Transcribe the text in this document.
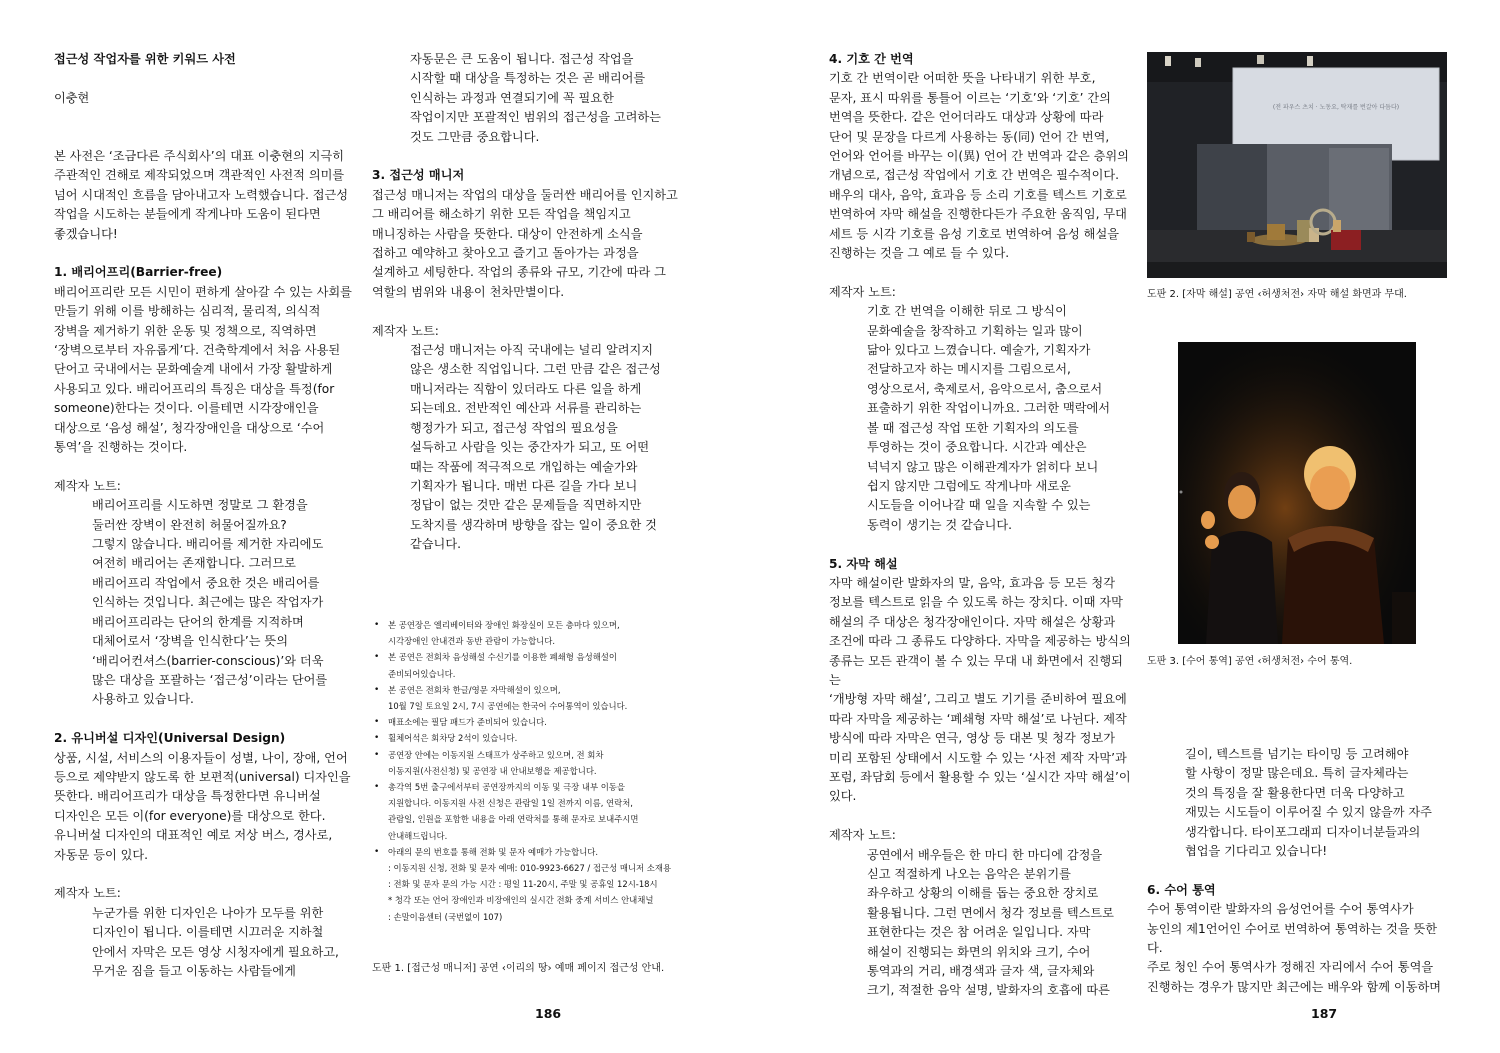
접근성 작업자를 위한 키워드 사전
이충현
본 사전은 ‘조금다른 주식회사’의 대표 이충현의 지극히
주관적인 견해로 제작되었으며 객관적인 사전적 의미를
넘어 시대적인 흐름을 담아내고자 노력했습니다. 접근성
작업을 시도하는 분들에게 작게나마 도움이 된다면
좋겠습니다!
1. 배리어프리(Barrier-free)
배리어프리란 모든 시민이 편하게 살아갈 수 있는 사회를
만들기 위해 이를 방해하는 심리적, 물리적, 의식적
장벽을 제거하기 위한 운동 및 정책으로, 직역하면
‘장벽으로부터 자유롭게’다. 건축학계에서 처음 사용된
단어고 국내에서는 문화예술계 내에서 가장 활발하게
사용되고 있다. 배리어프리의 특징은 대상을 특정(for
someone)한다는 것이다. 이를테면 시각장애인을
대상으로 ‘음성 해설’, 청각장애인을 대상으로 ‘수어
통역’을 진행하는 것이다.
제작자 노트:
배리어프리를 시도하면 정말로 그 환경을
둘러싼 장벽이 완전히 허물어질까요?
그렇지 않습니다. 배리어를 제거한 자리에도
여전히 배리어는 존재합니다. 그러므로
배리어프리 작업에서 중요한 것은 배리어를
인식하는 것입니다. 최근에는 많은 작업자가
배리어프리라는 단어의 한계를 지적하며
대체어로서 ‘장벽을 인식한다’는 뜻의
‘배리어컨셔스(barrier-conscious)’와 더욱
많은 대상을 포괄하는 ‘접근성’이라는 단어를
사용하고 있습니다.
2. 유니버설 디자인(Universal Design)
상품, 시설, 서비스의 이용자들이 성별, 나이, 장애, 언어
등으로 제약받지 않도록 한 보편적(universal) 디자인을
뜻한다. 배리어프리가 대상을 특정한다면 유니버설
디자인은 모든 이(for everyone)를 대상으로 한다.
유니버설 디자인의 대표적인 예로 저상 버스, 경사로,
자동문 등이 있다.
제작자 노트:
누군가를 위한 디자인은 나아가 모두를 위한
디자인이 됩니다. 이를테면 시끄러운 지하철
안에서 자막은 모든 영상 시청자에게 필요하고,
무거운 짐을 들고 이동하는 사람들에게
자동문은 큰 도움이 됩니다. 접근성 작업을
시작할 때 대상을 특정하는 것은 곧 배리어를
인식하는 과정과 연결되기에 꼭 필요한
작업이지만 포괄적인 범위의 접근성을 고려하는
것도 그만큼 중요합니다.
3. 접근성 매니저
접근성 매니저는 작업의 대상을 둘러싼 배리어를 인지하고
그 배리어를 해소하기 위한 모든 작업을 책임지고
매니징하는 사람을 뜻한다. 대상이 안전하게 소식을
접하고 예약하고 찾아오고 즐기고 돌아가는 과정을
설계하고 세팅한다. 작업의 종류와 규모, 기간에 따라 그
역할의 범위와 내용이 천차만별이다.
제작자 노트:
접근성 매니저는 아직 국내에는 널리 알려지지
않은 생소한 직업입니다. 그런 만큼 같은 접근성
매니저라는 직함이 있더라도 다른 일을 하게
되는데요. 전반적인 예산과 서류를 관리하는
행정가가 되고, 접근성 작업의 필요성을
설득하고 사람을 잇는 중간자가 되고, 또 어떤
때는 작품에 적극적으로 개입하는 예술가와
기획자가 됩니다. 매번 다른 길을 가다 보니
정답이 없는 것만 같은 문제들을 직면하지만
도착지를 생각하며 방향을 잡는 일이 중요한 것
같습니다.
• 본 공연장은 엘리베이터와 장애인 화장실이 모든 층마다 있으며,
시각장애인 안내견과 동반 관람이 가능합니다.
• 본 공연은 전회차 음성해설 수신기를 이용한 폐쇄형 음성해설이
준비되어있습니다.
• 본 공연은 전회차 한글/영문 자막해설이 있으며,
10월 7일 토요일 2시, 7시 공연에는 한국어 수어통역이 있습니다.
• 매표소에는 필담 패드가 준비되어 있습니다.
• 휠체어석은 회차당 2석이 있습니다.
• 공연장 안에는 이동지원 스태프가 상주하고 있으며, 전 회차
이동지원(사전신청) 및 공연장 내 안내보행을 제공합니다.
• 총각역 5번 출구에서부터 공연장까지의 이동 및 극장 내부 이동을
지원합니다. 이동지원 사전 신청은 관람일 1일 전까지 이름, 연락처,
관람일, 인원을 포함한 내용을 아래 연락처를 통해 문자로 보내주시면
안내해드립니다.
• 아래의 문의 번호를 통해 전화 및 문자 예매가 가능합니다.
: 이동지원 신청, 전화 및 문자 예매: 010-9923-6627 / 접근성 매니저 소재용
: 전화 및 문자 문의 가능 시간 : 평일 11-20시, 주말 및 공휴일 12시-18시
* 청각 또는 언어 장애인과 비장애인의 실시간 전화 중계 서비스 안내채널
: 손말이음센터 (국번없이 107)
도판 1. [접근성 매니저] 공연 ‹이리의 땅› 예매 페이지 접근성 안내.
186
4. 기호 간 번역
기호 간 번역이란 어떠한 뜻을 나타내기 위한 부호,
문자, 표시 따위를 통틀어 이르는 ‘기호’와 ‘기호’ 간의
번역을 뜻한다. 같은 언어더라도 대상과 상황에 따라
단어 및 문장을 다르게 사용하는 동(同) 언어 간 번역,
언어와 언어를 바꾸는 이(異) 언어 간 번역과 같은 층위의
개념으로, 접근성 작업에서 기호 간 번역은 필수적이다.
배우의 대사, 음악, 효과음 등 소리 기호를 텍스트 기호로
번역하여 자막 해설을 진행한다든가 주요한 움직임, 무대
세트 등 시각 기호를 음성 기호로 번역하여 음성 해설을
진행하는 것을 그 예로 들 수 있다.
제작자 노트:
기호 간 번역을 이해한 뒤로 그 방식이
문화예술을 창작하고 기획하는 일과 많이
닮아 있다고 느꼈습니다. 예술가, 기획자가
전달하고자 하는 메시지를 그림으로서,
영상으로서, 축제로서, 음악으로서, 춤으로서
표출하기 위한 작업이니까요. 그러한 맥락에서
볼 때 접근성 작업 또한 기획자의 의도를
투영하는 것이 중요합니다. 시간과 예산은
넉넉지 않고 많은 이해관계자가 얽히다 보니
쉽지 않지만 그럼에도 작게나마 새로운
시도들을 이어나갈 때 일을 지속할 수 있는
동력이 생기는 것 같습니다.
5. 자막 해설
자막 해설이란 발화자의 말, 음악, 효과음 등 모든 청각
정보를 텍스트로 읽을 수 있도록 하는 장치다. 이때 자막
해설의 주 대상은 청각장애인이다. 자막 해설은 상황과
조건에 따라 그 종류도 다양하다. 자막을 제공하는 방식의
종류는 모든 관객이 볼 수 있는 무대 내 화면에서 진행되는
‘개방형 자막 해설’, 그리고 별도 기기를 준비하여 필요에
따라 자막을 제공하는 ‘폐쇄형 자막 해설’로 나뉜다. 제작
방식에 따라 자막은 연극, 영상 등 대본 및 청각 정보가
미리 포함된 상태에서 시도할 수 있는 ‘사전 제작 자막’과
포럼, 좌담회 등에서 활용할 수 있는 ‘실시간 자막 해설’이
있다.
제작자 노트:
공연에서 배우들은 한 마디 한 마디에 감정을
싣고 적절하게 나오는 음악은 분위기를
좌우하고 상황의 이해를 돕는 중요한 장치로
활용됩니다. 그런 면에서 청각 정보를 텍스트로
표현한다는 것은 참 어려운 일입니다. 자막
해설이 진행되는 화면의 위치와 크기, 수어
통역과의 거리, 배경색과 글자 색, 글자체와
크기, 적절한 음악 설명, 발화자의 호흡에 따른
(전 파우스 츠치 · 노동요, 탁재를 번갈아 다듬다)
도판 2. [자막 해설] 공연 ‹허생처전› 자막 해설 화면과 무대.
도판 3. [수어 통역] 공연 ‹허생처전› 수어 통역.
길이, 텍스트를 넘기는 타이밍 등 고려해야
할 사항이 정말 많은데요. 특히 글자체라는
것의 특징을 잘 활용한다면 더욱 다양하고
재밌는 시도들이 이루어질 수 있지 않을까 자주
생각합니다. 타이포그래피 디자이너분들과의
협업을 기다리고 있습니다!
6. 수어 통역
수어 통역이란 발화자의 음성언어를 수어 통역사가
농인의 제1언어인 수어로 번역하여 통역하는 것을 뜻한다.
주로 청인 수어 통역사가 정해진 자리에서 수어 통역을
진행하는 경우가 많지만 최근에는 배우와 함께 이동하며
187
